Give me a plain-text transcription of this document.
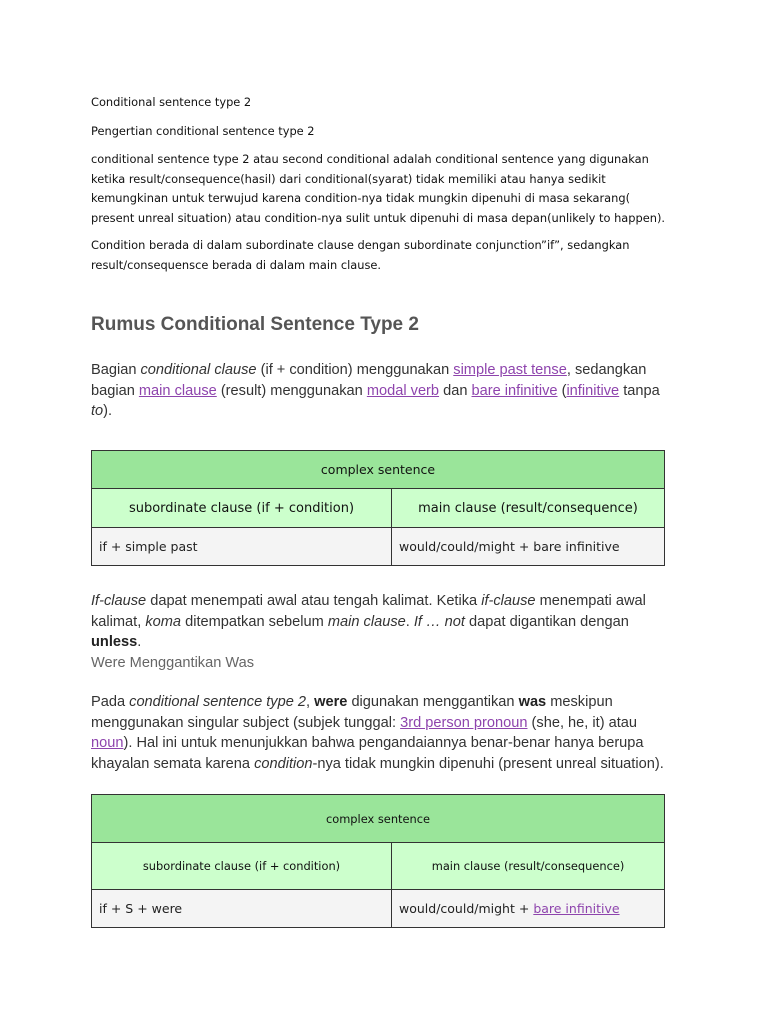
Conditional sentence type 2
Pengertian conditional sentence type 2
conditional sentence type 2 atau second conditional adalah conditional sentence yang digunakan ketika result/consequence(hasil) dari conditional(syarat) tidak memiliki atau hanya sedikit kemungkinan untuk terwujud karena condition-nya tidak mungkin dipenuhi di masa sekarang( present unreal situation) atau condition-nya sulit untuk dipenuhi di masa depan(unlikely to happen).
Condition berada di dalam subordinate clause dengan subordinate conjunction”if”, sedangkan result/consequensce berada di dalam main clause.
Rumus Conditional Sentence Type 2
Bagian conditional clause (if + condition) menggunakan simple past tense, sedangkan bagian main clause (result) menggunakan modal verb dan bare infinitive (infinitive tanpa to).
complex sentence	
subordinate clause (if + condition)	main clause (result/consequence)
if + simple past	would/could/might + bare infinitive
If-clause dapat menempati awal atau tengah kalimat. Ketika if-clause menempati awal kalimat, koma ditempatkan sebelum main clause. If … not dapat digantikan dengan unless.
Were Menggantikan Was
Pada conditional sentence type 2, were digunakan menggantikan was meskipun menggunakan singular subject (subjek tunggal: 3rd person pronoun (she, he, it) atau noun). Hal ini untuk menunjukkan bahwa pengandaiannya benar-benar hanya berupa khayalan semata karena condition-nya tidak mungkin dipenuhi (present unreal situation).
complex sentence	
subordinate clause (if + condition)	main clause (result/consequence)
if + S + were	would/could/might + bare infinitive
